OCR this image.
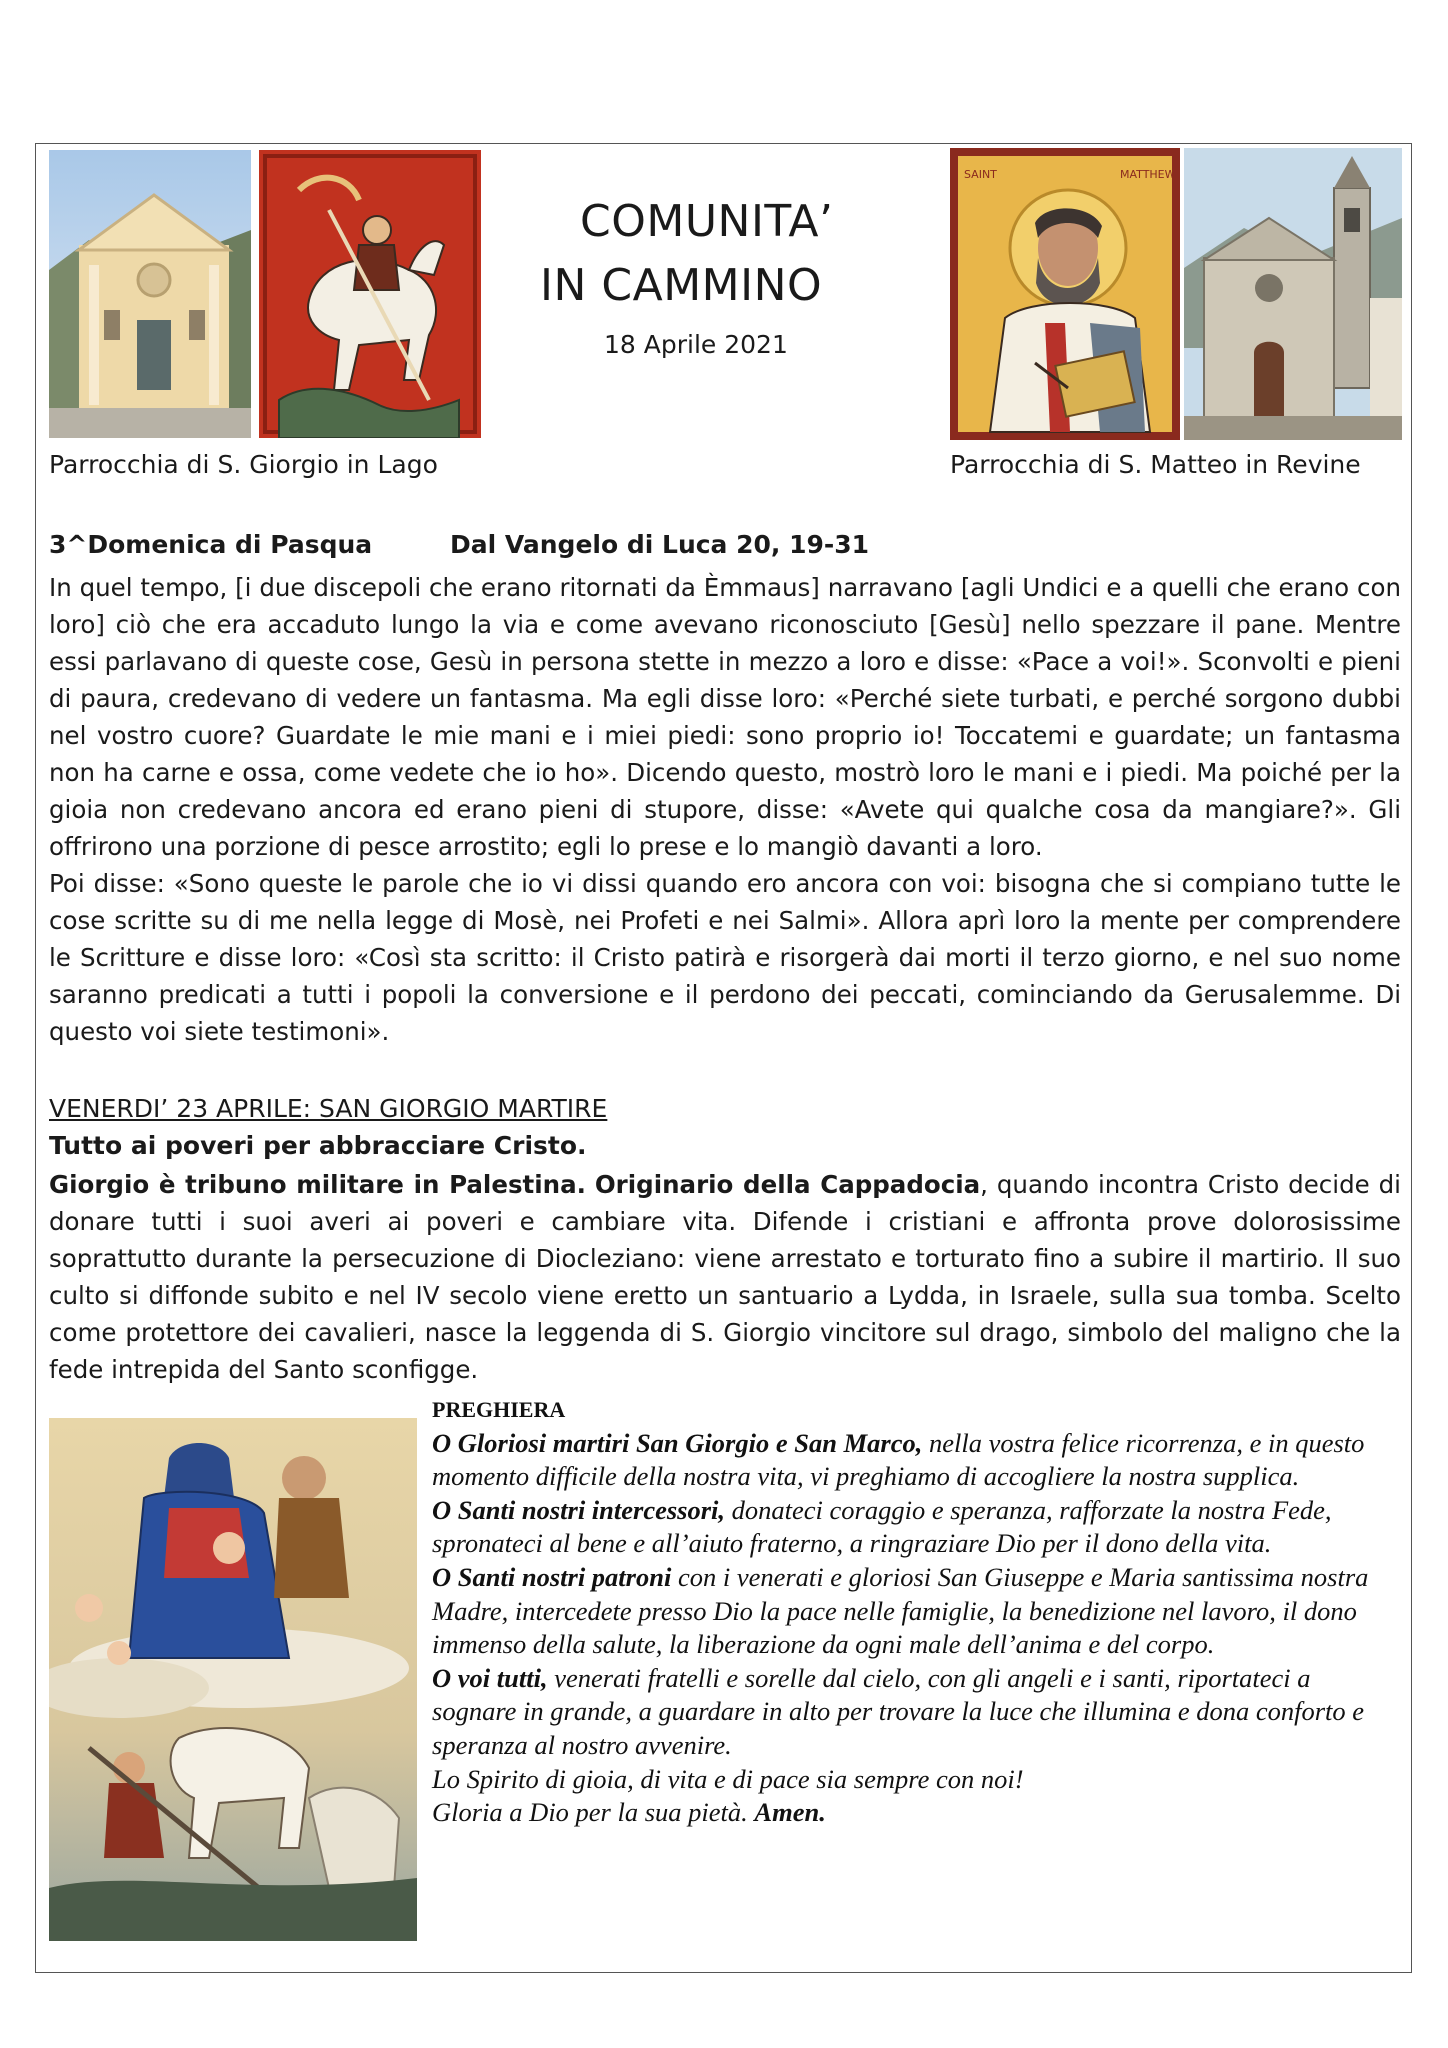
COMUNITA’
IN CAMMINO
18 Aprile 2021
SAINT	MATTHEW
Parrocchia di S. Giorgio in Lago	Parrocchia di S. Matteo in Revine
3^Domenica di Pasqua	Dal Vangelo di Luca 20, 19-31

In quel tempo, [i due discepoli che erano ritornati da Èmmaus] narravano [agli Undici e a quelli che erano con loro] ciò che era accaduto lungo la via e come avevano riconosciuto [Gesù] nello spezzare il pane. Mentre essi parlavano di queste cose, Gesù in persona stette in mezzo a loro e disse: «Pace a voi!». Sconvolti e pieni di paura, credevano di vedere un fantasma. Ma egli disse loro: «Perché siete turbati, e perché sorgono dubbi nel vostro cuore? Guardate le mie mani e i miei piedi: sono proprio io! Toccatemi e guardate; un fantasma non ha carne e ossa, come vedete che io ho». Dicendo questo, mostrò loro le mani e i piedi. Ma poiché per la gioia non credevano ancora ed erano pieni di stupore, disse: «Avete qui qualche cosa da mangiare?». Gli offrirono una porzione di pesce arrostito; egli lo prese e lo mangiò davanti a loro.

Poi disse: «Sono queste le parole che io vi dissi quando ero ancora con voi: bisogna che si compiano tutte le cose scritte su di me nella legge di Mosè, nei Profeti e nei Salmi». Allora aprì loro la mente per comprendere le Scritture e disse loro: «Così sta scritto: il Cristo patirà e risorgerà dai morti il terzo giorno, e nel suo nome saranno predicati a tutti i popoli la conversione e il perdono dei peccati, cominciando da Gerusalemme. Di questo voi siete testimoni».

VENERDI’ 23 APRILE: SAN GIORGIO MARTIRE
Tutto ai poveri per abbracciare Cristo.

Giorgio è tribuno militare in Palestina. Originario della Cappadocia, quando incontra Cristo decide di donare tutti i suoi averi ai poveri e cambiare vita. Difende i cristiani e affronta prove dolorosissime soprattutto durante la persecuzione di Diocleziano: viene arrestato e torturato fino a subire il martirio. Il suo culto si diffonde subito e nel IV secolo viene eretto un santuario a Lydda, in Israele, sulla sua tomba. Scelto come protettore dei cavalieri, nasce la leggenda di S. Giorgio vincitore sul drago, simbolo del maligno che la fede intrepida del Santo sconfigge.

PREGHIERA

O Gloriosi martiri San Giorgio e San Marco, nella vostra felice ricorrenza, e in questo momento difficile della nostra vita, vi preghiamo di accogliere la nostra supplica.

O Santi nostri intercessori, donateci coraggio e speranza, rafforzate la nostra Fede, spronateci al bene e all’aiuto fraterno, a ringraziare Dio per il dono della vita.

O Santi nostri patroni con i venerati e gloriosi San Giuseppe e Maria santissima nostra Madre, intercedete presso Dio la pace nelle famiglie, la benedizione nel lavoro, il dono immenso della salute, la liberazione da ogni male dell’anima e del corpo.

O voi tutti, venerati fratelli e sorelle dal cielo, con gli angeli e i santi, riportateci a sognare in grande, a guardare in alto per trovare la luce che illumina e dona conforto e speranza al nostro avvenire.

Lo Spirito di gioia, di vita e di pace sia sempre con noi!

Gloria a Dio per la sua pietà. Amen.
